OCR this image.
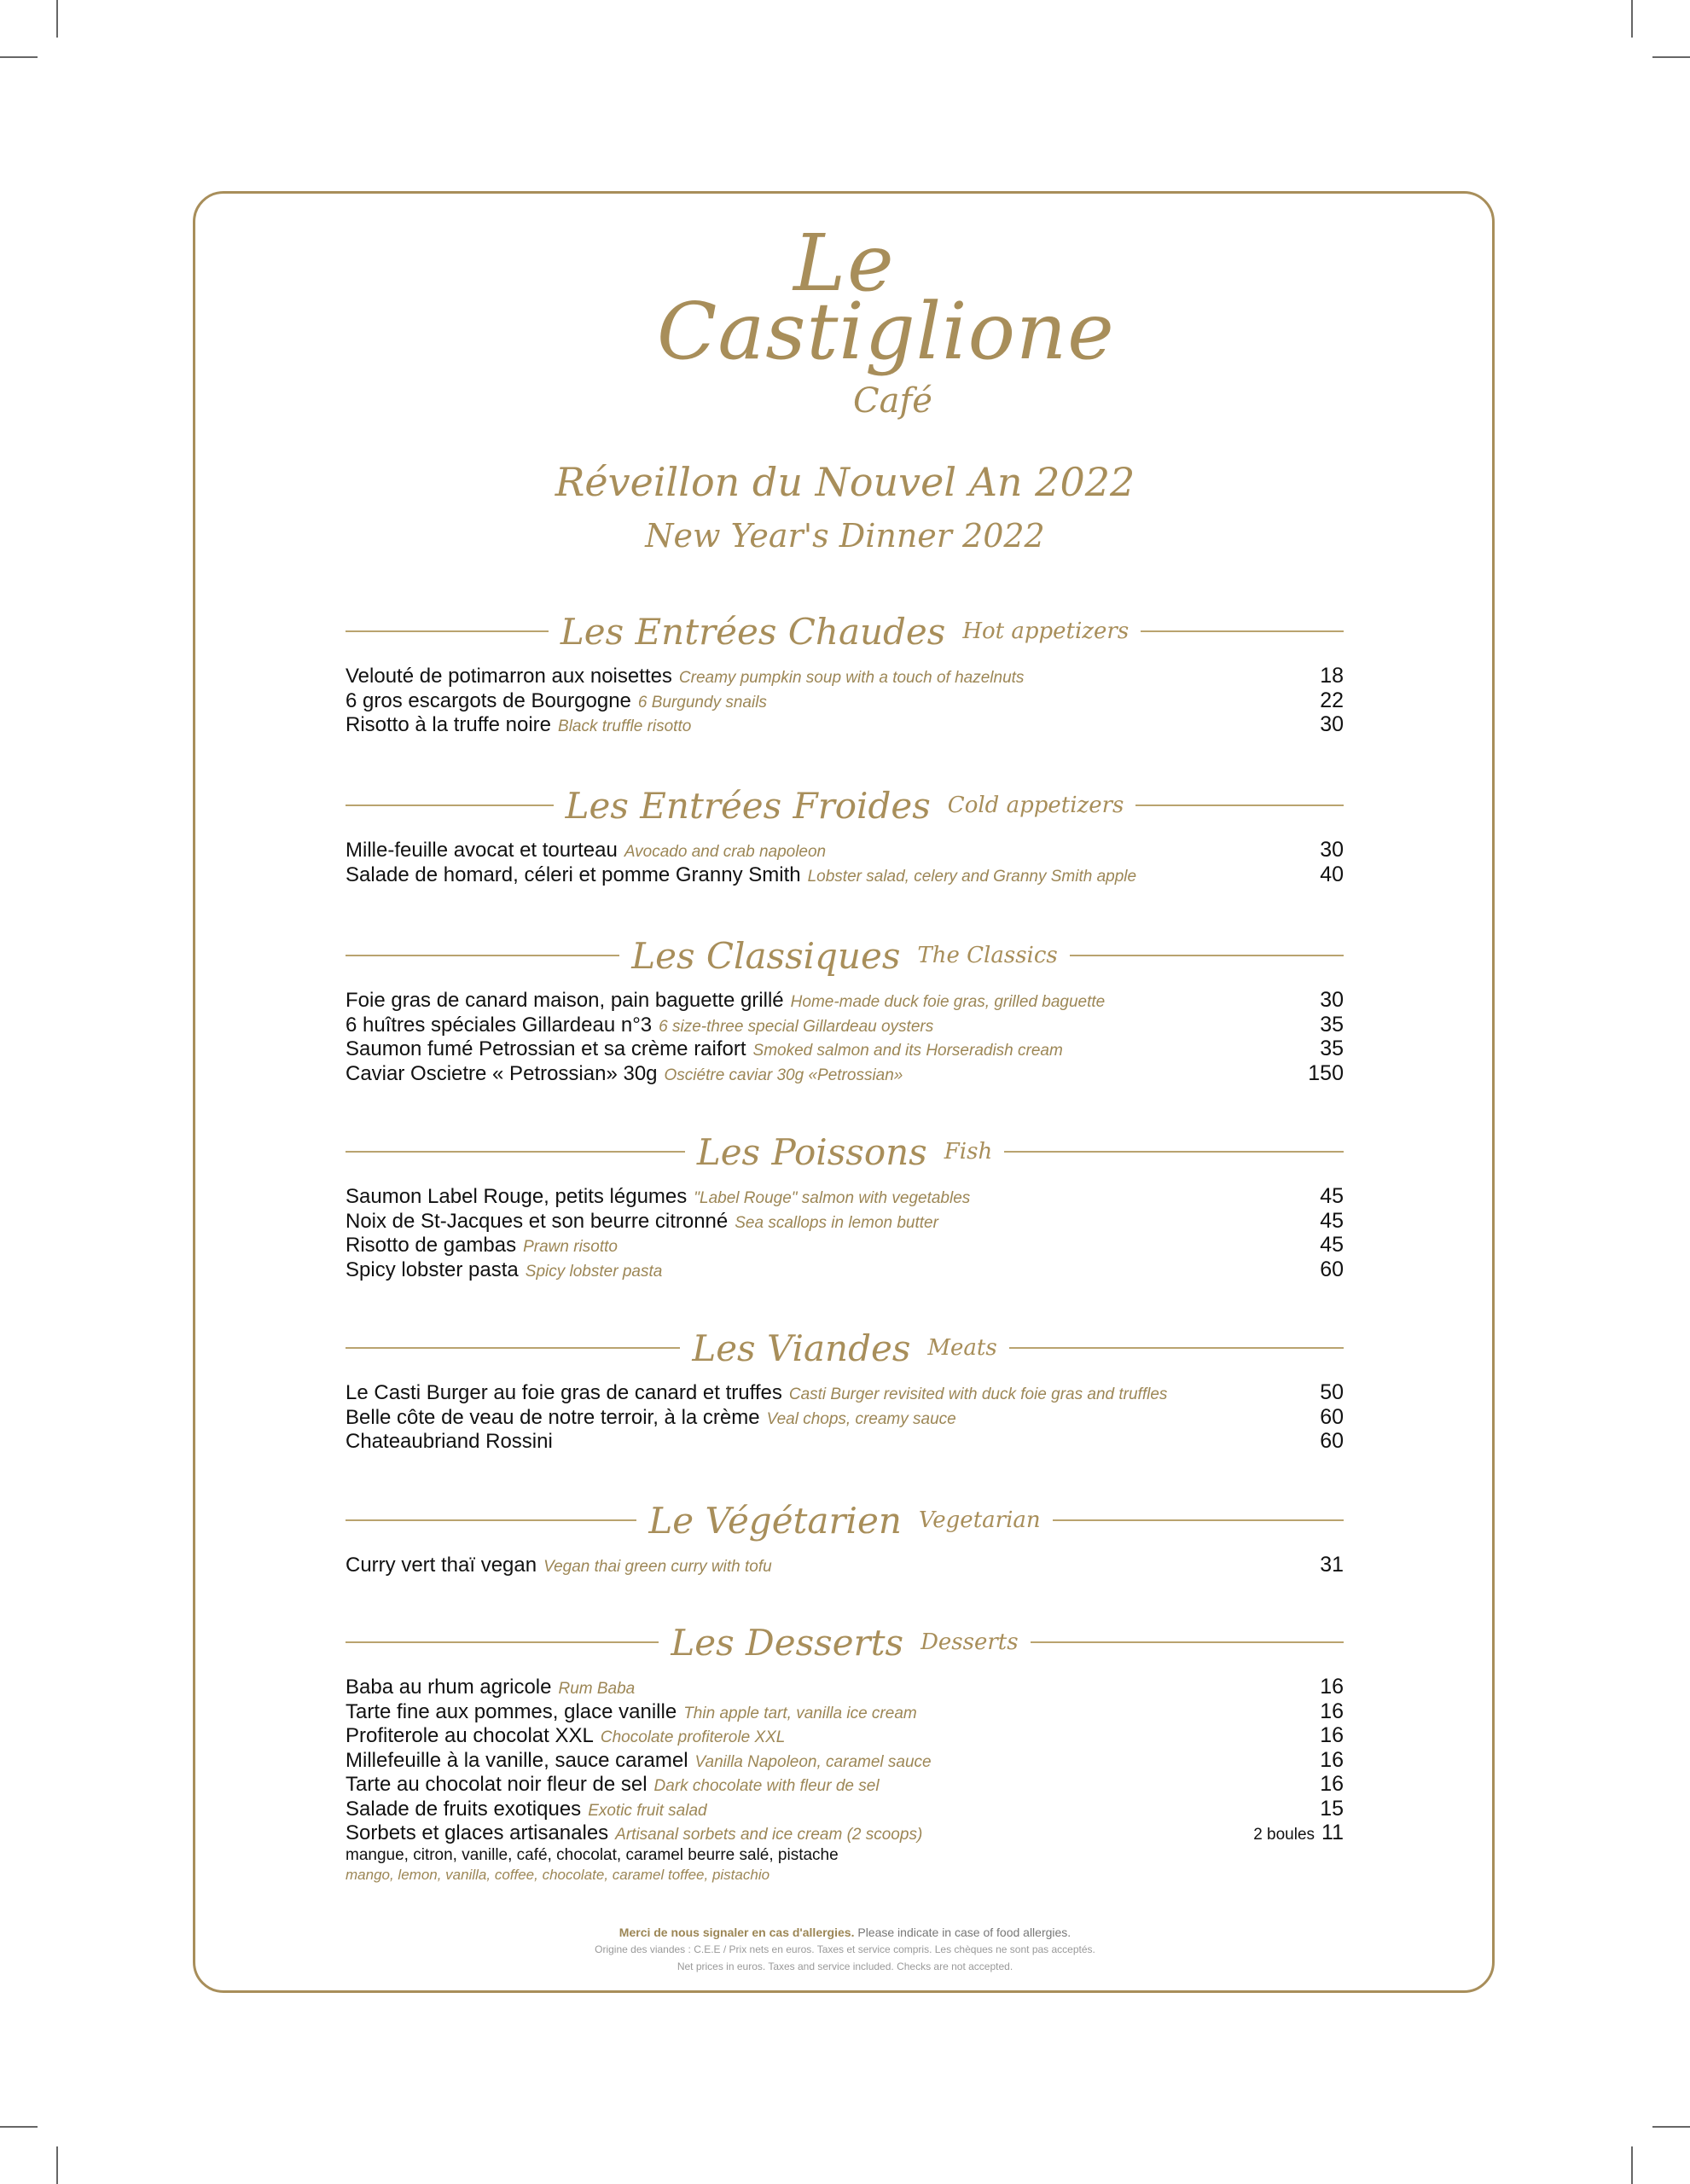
Le
Castiglione
Café
Réveillon du Nouvel An 2022
New Year's Dinner 2022
Les Entrées Chaudes Hot appetizers
Velouté de potimarron aux noisettes Creamy pumpkin soup with a touch of hazelnuts	18
6 gros escargots de Bourgogne 6 Burgundy snails	22
Risotto à la truffe noire Black truffle risotto	30
Les Entrées Froides Cold appetizers
Mille-feuille avocat et tourteau Avocado and crab napoleon	30
Salade de homard, céleri et pomme Granny Smith Lobster salad, celery and Granny Smith apple	40
Les Classiques The Classics
Foie gras de canard maison, pain baguette grillé Home-made duck foie gras, grilled baguette	30
6 huîtres spéciales Gillardeau n°3 6 size-three special Gillardeau oysters	35
Saumon fumé Petrossian et sa crème raifort Smoked salmon and its Horseradish cream	35
Caviar Oscietre « Petrossian» 30g Osciétre caviar 30g «Petrossian»	150
Les Poissons Fish
Saumon Label Rouge, petits légumes "Label Rouge" salmon with vegetables	45
Noix de St-Jacques et son beurre citronné Sea scallops in lemon butter	45
Risotto de gambas Prawn risotto	45
Spicy lobster pasta Spicy lobster pasta	60
Les Viandes Meats
Le Casti Burger au foie gras de canard et truffes Casti Burger revisited with duck foie gras and truffles	50
Belle côte de veau de notre terroir, à la crème Veal chops, creamy sauce	60
Chateaubriand Rossini	60
Le Végétarien Vegetarian
Curry vert thaï vegan Vegan thai green curry with tofu	31
Les Desserts Desserts
Baba au rhum agricole Rum Baba	16
Tarte fine aux pommes, glace vanille Thin apple tart, vanilla ice cream	16
Profiterole au chocolat XXL Chocolate profiterole XXL	16
Millefeuille à la vanille, sauce caramel Vanilla Napoleon, caramel sauce	16
Tarte au chocolat noir fleur de sel Dark chocolate with fleur de sel	16
Salade de fruits exotiques Exotic fruit salad	15
Sorbets et glaces artisanales Artisanal sorbets and ice cream (2 scoops)	2 boules 11
mangue, citron, vanille, café, chocolat, caramel beurre salé, pistache
mango, lemon, vanilla, coffee, chocolate, caramel toffee, pistachio
Merci de nous signaler en cas d'allergies. Please indicate in case of food allergies.
Origine des viandes : C.E.E / Prix nets en euros. Taxes et service compris. Les chèques ne sont pas acceptés.
Net prices in euros. Taxes and service included. Checks are not accepted.
